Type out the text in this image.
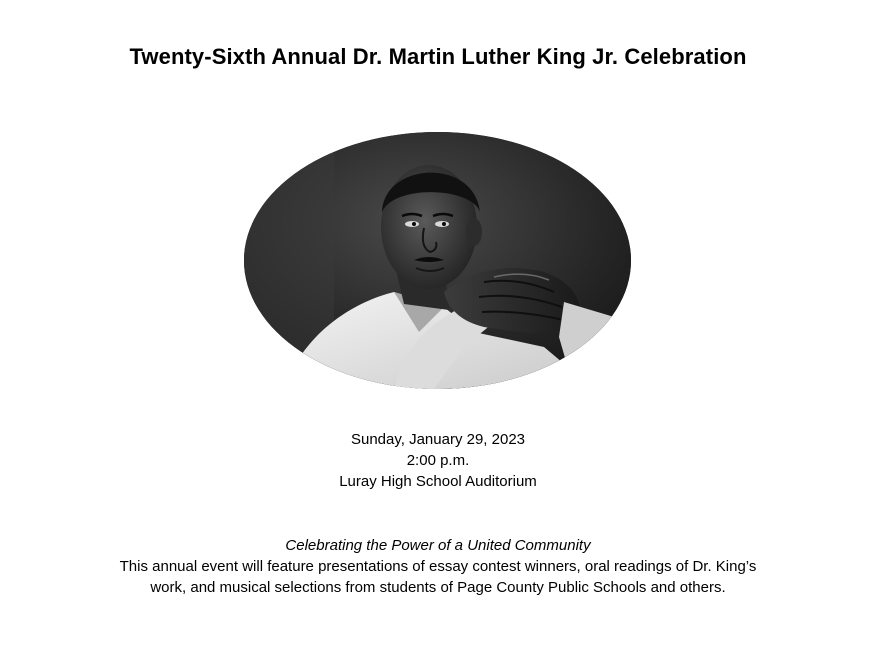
Twenty-Sixth Annual Dr. Martin Luther King Jr. Celebration
Sunday, January 29, 2023
2:00 p.m.
Luray High School Auditorium
Celebrating the Power of a United Community
This annual event will feature presentations of essay contest winners, oral readings of Dr. King’s
work, and musical selections from students of Page County Public Schools and others.
